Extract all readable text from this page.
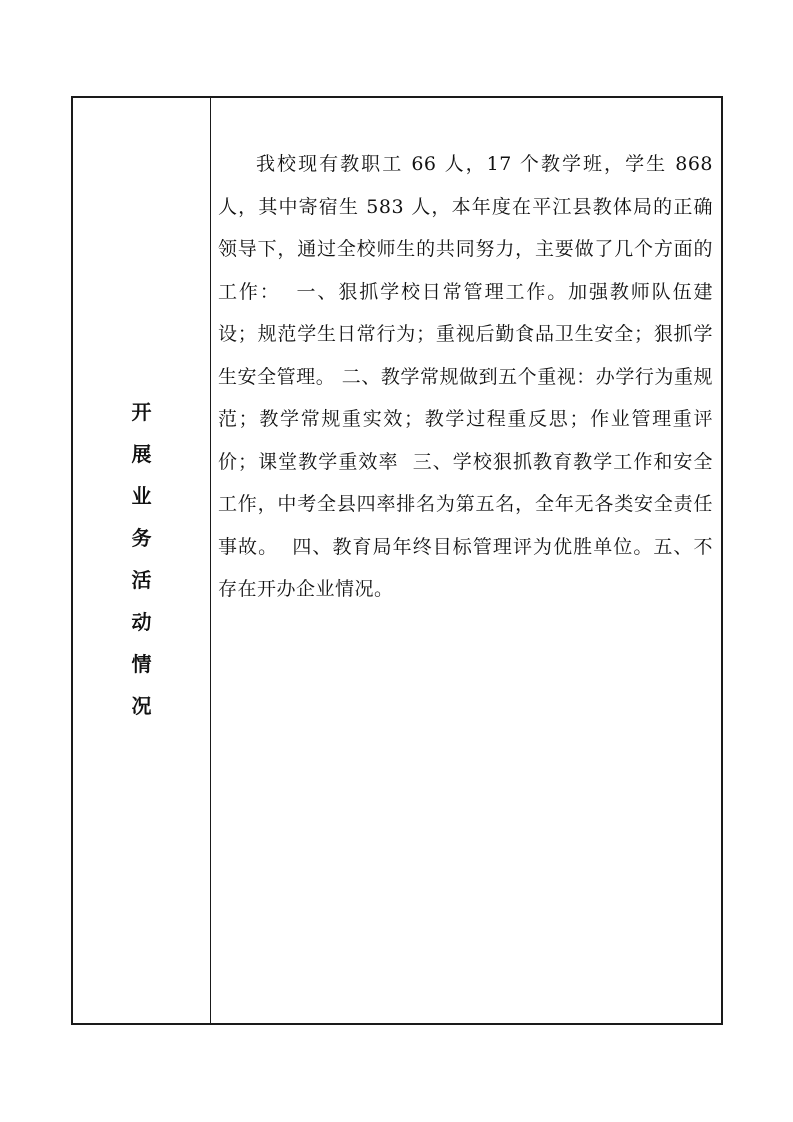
开
展
业
务
活
动
情
况

我校现有教职工 66 人，17 个教学班，学生 868 人，其中寄宿生 583 人，本年度在平江县教体局的正确领导下，通过全校师生的共同努力，主要做了几个方面的工作：  一、狠抓学校日常管理工作。加强教师队伍建设；规范学生日常行为；重视后勤食品卫生安全；狠抓学生安全管理。 二、教学常规做到五个重视：办学行为重规范；教学常规重实效；教学过程重反思；作业管理重评价；课堂教学重效率  三、学校狠抓教育教学工作和安全工作，中考全县四率排名为第五名，全年无各类安全责任事故。  四、教育局年终目标管理评为优胜单位。五、不存在开办企业情况。
